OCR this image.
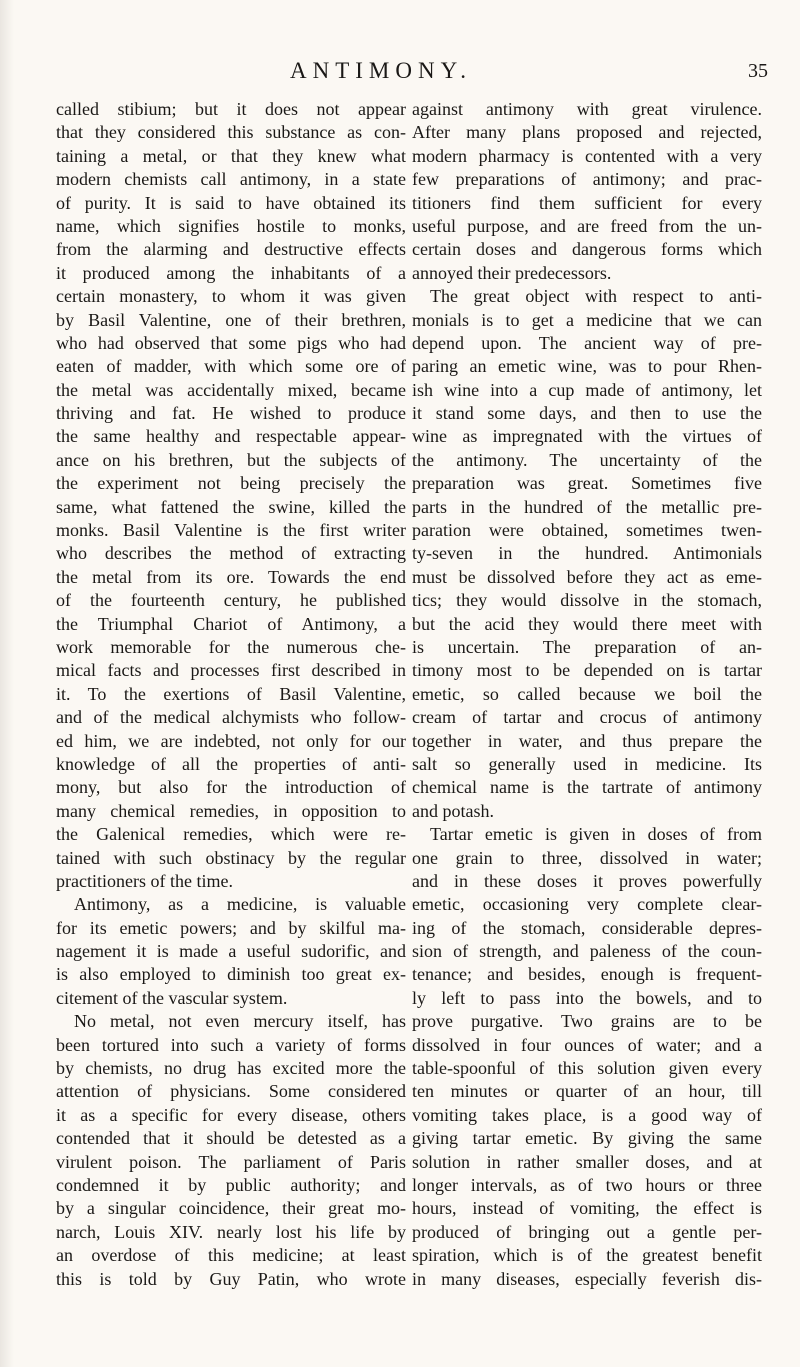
ANTIMONY.	35
called stibium; but it does not appear
that they considered this substance as con-
taining a metal, or that they knew what
modern chemists call antimony, in a state
of purity. It is said to have obtained its
name, which signifies hostile to monks,
from the alarming and destructive effects
it produced among the inhabitants of a
certain monastery, to whom it was given
by Basil Valentine, one of their brethren,
who had observed that some pigs who had
eaten of madder, with which some ore of
the metal was accidentally mixed, became
thriving and fat. He wished to produce
the same healthy and respectable appear-
ance on his brethren, but the subjects of
the experiment not being precisely the
same, what fattened the swine, killed the
monks. Basil Valentine is the first writer
who describes the method of extracting
the metal from its ore. Towards the end
of the fourteenth century, he published
the Triumphal Chariot of Antimony, a
work memorable for the numerous che-
mical facts and processes first described in
it. To the exertions of Basil Valentine,
and of the medical alchymists who follow-
ed him, we are indebted, not only for our
knowledge of all the properties of anti-
mony, but also for the introduction of
many chemical remedies, in opposition to
the Galenical remedies, which were re-
tained with such obstinacy by the regular
practitioners of the time.
Antimony, as a medicine, is valuable
for its emetic powers; and by skilful ma-
nagement it is made a useful sudorific, and
is also employed to diminish too great ex-
citement of the vascular system.
No metal, not even mercury itself, has
been tortured into such a variety of forms
by chemists, no drug has excited more the
attention of physicians. Some considered
it as a specific for every disease, others
contended that it should be detested as a
virulent poison. The parliament of Paris
condemned it by public authority; and
by a singular coincidence, their great mo-
narch, Louis XIV. nearly lost his life by
an overdose of this medicine; at least
this is told by Guy Patin, who wrote
against antimony with great virulence.
After many plans proposed and rejected,
modern pharmacy is contented with a very
few preparations of antimony; and prac-
titioners find them sufficient for every
useful purpose, and are freed from the un-
certain doses and dangerous forms which
annoyed their predecessors.
The great object with respect to anti-
monials is to get a medicine that we can
depend upon. The ancient way of pre-
paring an emetic wine, was to pour Rhen-
ish wine into a cup made of antimony, let
it stand some days, and then to use the
wine as impregnated with the virtues of
the antimony. The uncertainty of the
preparation was great. Sometimes five
parts in the hundred of the metallic pre-
paration were obtained, sometimes twen-
ty-seven in the hundred. Antimonials
must be dissolved before they act as eme-
tics; they would dissolve in the stomach,
but the acid they would there meet with
is uncertain. The preparation of an-
timony most to be depended on is tartar
emetic, so called because we boil the
cream of tartar and crocus of antimony
together in water, and thus prepare the
salt so generally used in medicine. Its
chemical name is the tartrate of antimony
and potash.
Tartar emetic is given in doses of from
one grain to three, dissolved in water;
and in these doses it proves powerfully
emetic, occasioning very complete clear-
ing of the stomach, considerable depres-
sion of strength, and paleness of the coun-
tenance; and besides, enough is frequent-
ly left to pass into the bowels, and to
prove purgative. Two grains are to be
dissolved in four ounces of water; and a
table-spoonful of this solution given every
ten minutes or quarter of an hour, till
vomiting takes place, is a good way of
giving tartar emetic. By giving the same
solution in rather smaller doses, and at
longer intervals, as of two hours or three
hours, instead of vomiting, the effect is
produced of bringing out a gentle per-
spiration, which is of the greatest benefit
in many diseases, especially feverish dis-
